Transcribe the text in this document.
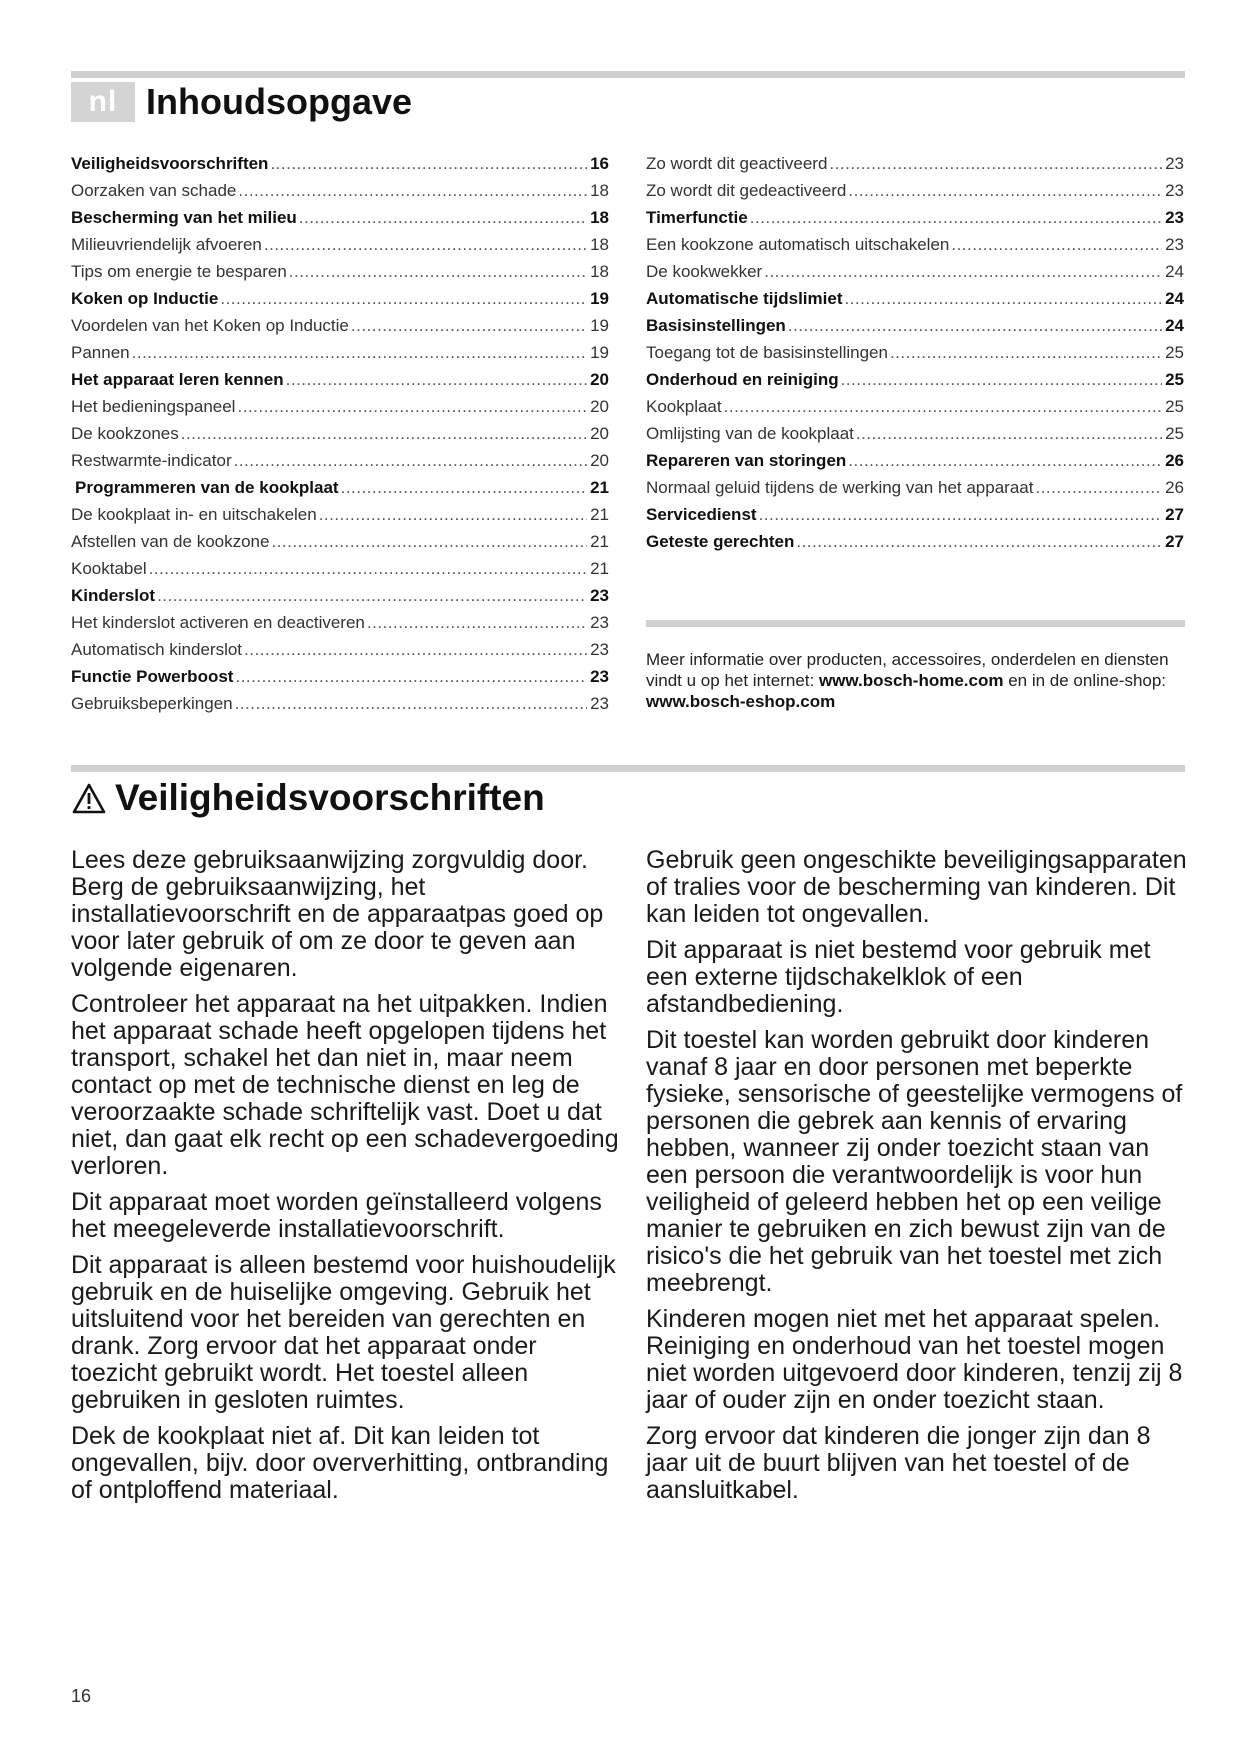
nl Inhoudsopgave
Veiligheidsvoorschriften .....	16
Oorzaken van schade .....	18
Bescherming van het milieu .....	18
Milieuvriendelijk afvoeren .....	18
Tips om energie te besparen .....	18
Koken op Inductie .....	19
Voordelen van het Koken op Inductie .....	19
Pannen .....	19
Het apparaat leren kennen .....	20
Het bedieningspaneel .....	20
De kookzones .....	20
Restwarmte-indicator .....	20
Programmeren van de kookplaat .....	21
De kookplaat in- en uitschakelen .....	21
Afstellen van de kookzone .....	21
Kooktabel .....	21
Kinderslot .....	23
Het kinderslot activeren en deactiveren .....	23
Automatisch kinderslot .....	23
Functie Powerboost .....	23
Gebruiksbeperkingen .....	23
Zo wordt dit geactiveerd .....	23
Zo wordt dit gedeactiveerd .....	23
Timerfunctie .....	23
Een kookzone automatisch uitschakelen .....	23
De kookwekker .....	24
Automatische tijdslimiet .....	24
Basisinstellingen .....	24
Toegang tot de basisinstellingen .....	25
Onderhoud en reiniging .....	25
Kookplaat .....	25
Omlijsting van de kookplaat .....	25
Repareren van storingen .....	26
Normaal geluid tijdens de werking van het apparaat .....	26
Servicedienst .....	27
Geteste gerechten .....	27

Meer informatie over producten, accessoires, onderdelen en diensten vindt u op het internet: www.bosch-home.com en in de online-shop: www.bosch-eshop.com

Veiligheidsvoorschriften

Lees deze gebruiksaanwijzing zorgvuldig door. Berg de gebruiksaanwijzing, het installatievoorschrift en de apparaatpas goed op voor later gebruik of om ze door te geven aan volgende eigenaren.

Controleer het apparaat na het uitpakken. Indien het apparaat schade heeft opgelopen tijdens het transport, schakel het dan niet in, maar neem contact op met de technische dienst en leg de veroorzaakte schade schriftelijk vast. Doet u dat niet, dan gaat elk recht op een schadevergoeding verloren.

Dit apparaat moet worden geïnstalleerd volgens het meegeleverde installatievoorschrift.

Dit apparaat is alleen bestemd voor huishoudelijk gebruik en de huiselijke omgeving. Gebruik het uitsluitend voor het bereiden van gerechten en drank. Zorg ervoor dat het apparaat onder toezicht gebruikt wordt. Het toestel alleen gebruiken in gesloten ruimtes.

Dek de kookplaat niet af. Dit kan leiden tot ongevallen, bijv. door oververhitting, ontbranding of ontploffend materiaal.

Gebruik geen ongeschikte beveiligingsapparaten of tralies voor de bescherming van kinderen. Dit kan leiden tot ongevallen.

Dit apparaat is niet bestemd voor gebruik met een externe tijdschakelklok of een afstandbediening.

Dit toestel kan worden gebruikt door kinderen vanaf 8 jaar en door personen met beperkte fysieke, sensorische of geestelijke vermogens of personen die gebrek aan kennis of ervaring hebben, wanneer zij onder toezicht staan van een persoon die verantwoordelijk is voor hun veiligheid of geleerd hebben het op een veilige manier te gebruiken en zich bewust zijn van de risico's die het gebruik van het toestel met zich meebrengt.

Kinderen mogen niet met het apparaat spelen. Reiniging en onderhoud van het toestel mogen niet worden uitgevoerd door kinderen, tenzij zij 8 jaar of ouder zijn en onder toezicht staan.

Zorg ervoor dat kinderen die jonger zijn dan 8 jaar uit de buurt blijven van het toestel of de aansluitkabel.

16
